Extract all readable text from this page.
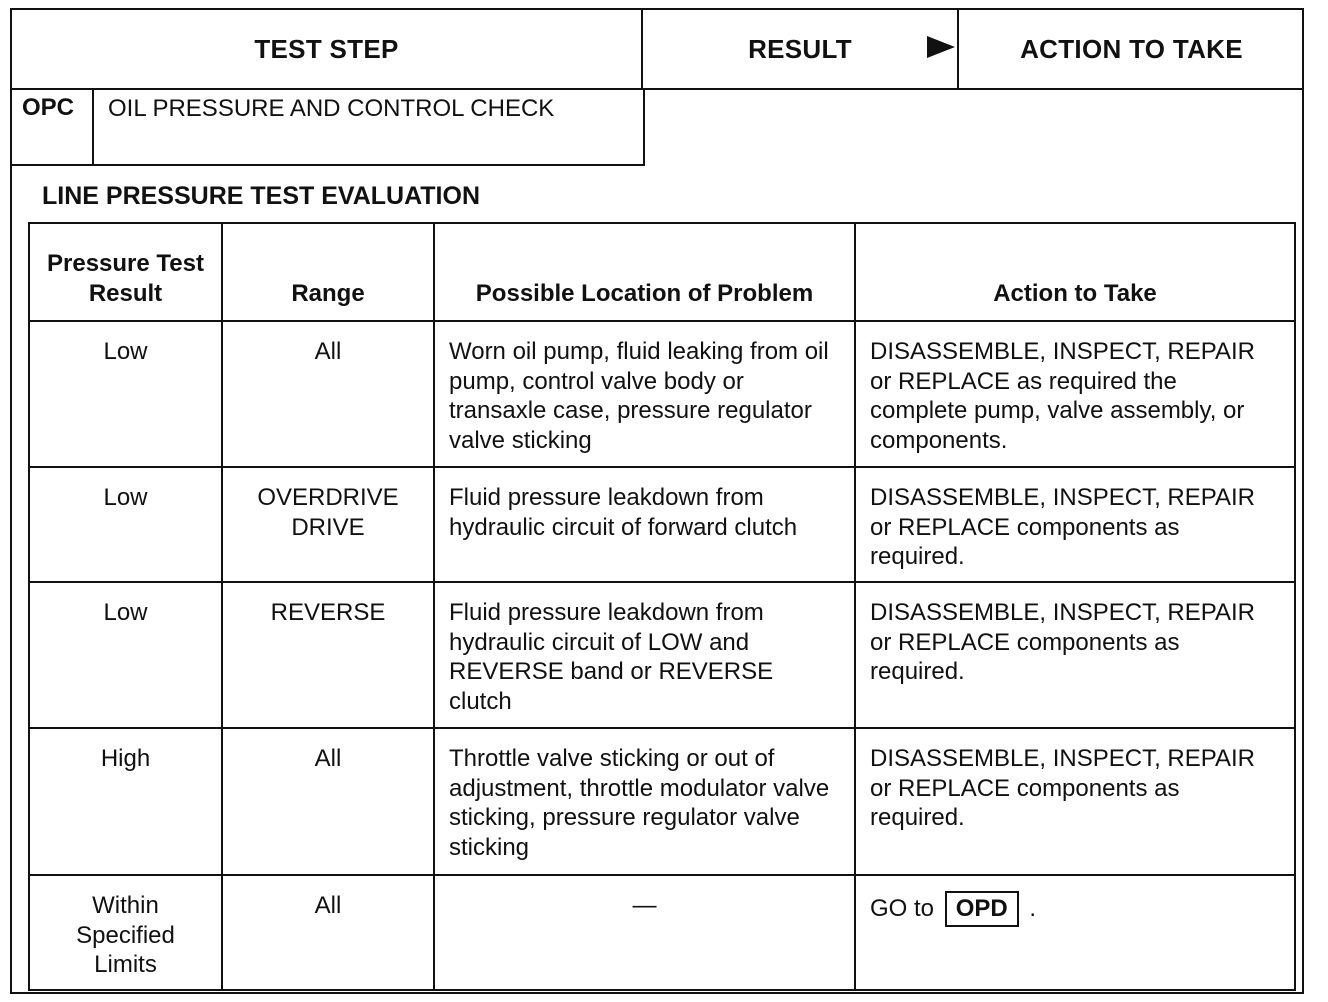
TEST STEP	RESULT	ACTION TO TAKE
OPC	OIL PRESSURE AND CONTROL CHECK
LINE PRESSURE TEST EVALUATION
Pressure Test Result	Range	Possible Location of Problem	Action to Take
Low	All	Worn oil pump, fluid leaking from oil pump, control valve body or transaxle case, pressure regulator valve sticking	DISASSEMBLE, INSPECT, REPAIR or REPLACE as required the complete pump, valve assembly, or components.
Low	OVERDRIVE DRIVE	Fluid pressure leakdown from hydraulic circuit of forward clutch	DISASSEMBLE, INSPECT, REPAIR or REPLACE components as required.
Low	REVERSE	Fluid pressure leakdown from hydraulic circuit of LOW and REVERSE band or REVERSE clutch	DISASSEMBLE, INSPECT, REPAIR or REPLACE components as required.
High	All	Throttle valve sticking or out of adjustment, throttle modulator valve sticking, pressure regulator valve sticking	DISASSEMBLE, INSPECT, REPAIR or REPLACE components as required.
Within Specified Limits	All	—	GO to OPD .
